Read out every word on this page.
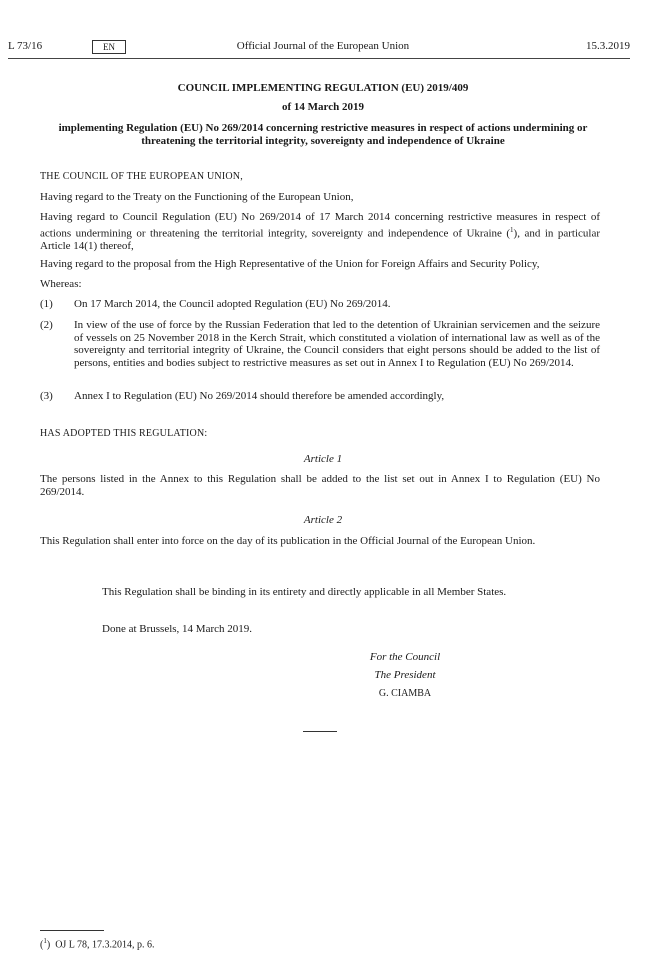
L 73/16	EN	Official Journal of the European Union	15.3.2019
COUNCIL IMPLEMENTING REGULATION (EU) 2019/409
of 14 March 2019
implementing Regulation (EU) No 269/2014 concerning restrictive measures in respect of actions undermining or threatening the territorial integrity, sovereignty and independence of Ukraine
THE COUNCIL OF THE EUROPEAN UNION,
Having regard to the Treaty on the Functioning of the European Union,
Having regard to Council Regulation (EU) No 269/2014 of 17 March 2014 concerning restrictive measures in respect of actions undermining or threatening the territorial integrity, sovereignty and independence of Ukraine ($^1$), and in particular Article 14(1) thereof,
Having regard to the proposal from the High Representative of the Union for Foreign Affairs and Security Policy,
Whereas:
(1) On 17 March 2014, the Council adopted Regulation (EU) No 269/2014.
(2) In view of the use of force by the Russian Federation that led to the detention of Ukrainian servicemen and the seizure of vessels on 25 November 2018 in the Kerch Strait, which constituted a violation of international law as well as of the sovereignty and territorial integrity of Ukraine, the Council considers that eight persons should be added to the list of persons, entities and bodies subject to restrictive measures as set out in Annex I to Regulation (EU) No 269/2014.
(3) Annex I to Regulation (EU) No 269/2014 should therefore be amended accordingly,
HAS ADOPTED THIS REGULATION:
Article 1
The persons listed in the Annex to this Regulation shall be added to the list set out in Annex I to Regulation (EU) No 269/2014.
Article 2
This Regulation shall enter into force on the day of its publication in the Official Journal of the European Union.
This Regulation shall be binding in its entirety and directly applicable in all Member States.
Done at Brussels, 14 March 2019.
For the Council
The President
G. CIAMBA
($^1$)  OJ L 78, 17.3.2014, p. 6.
